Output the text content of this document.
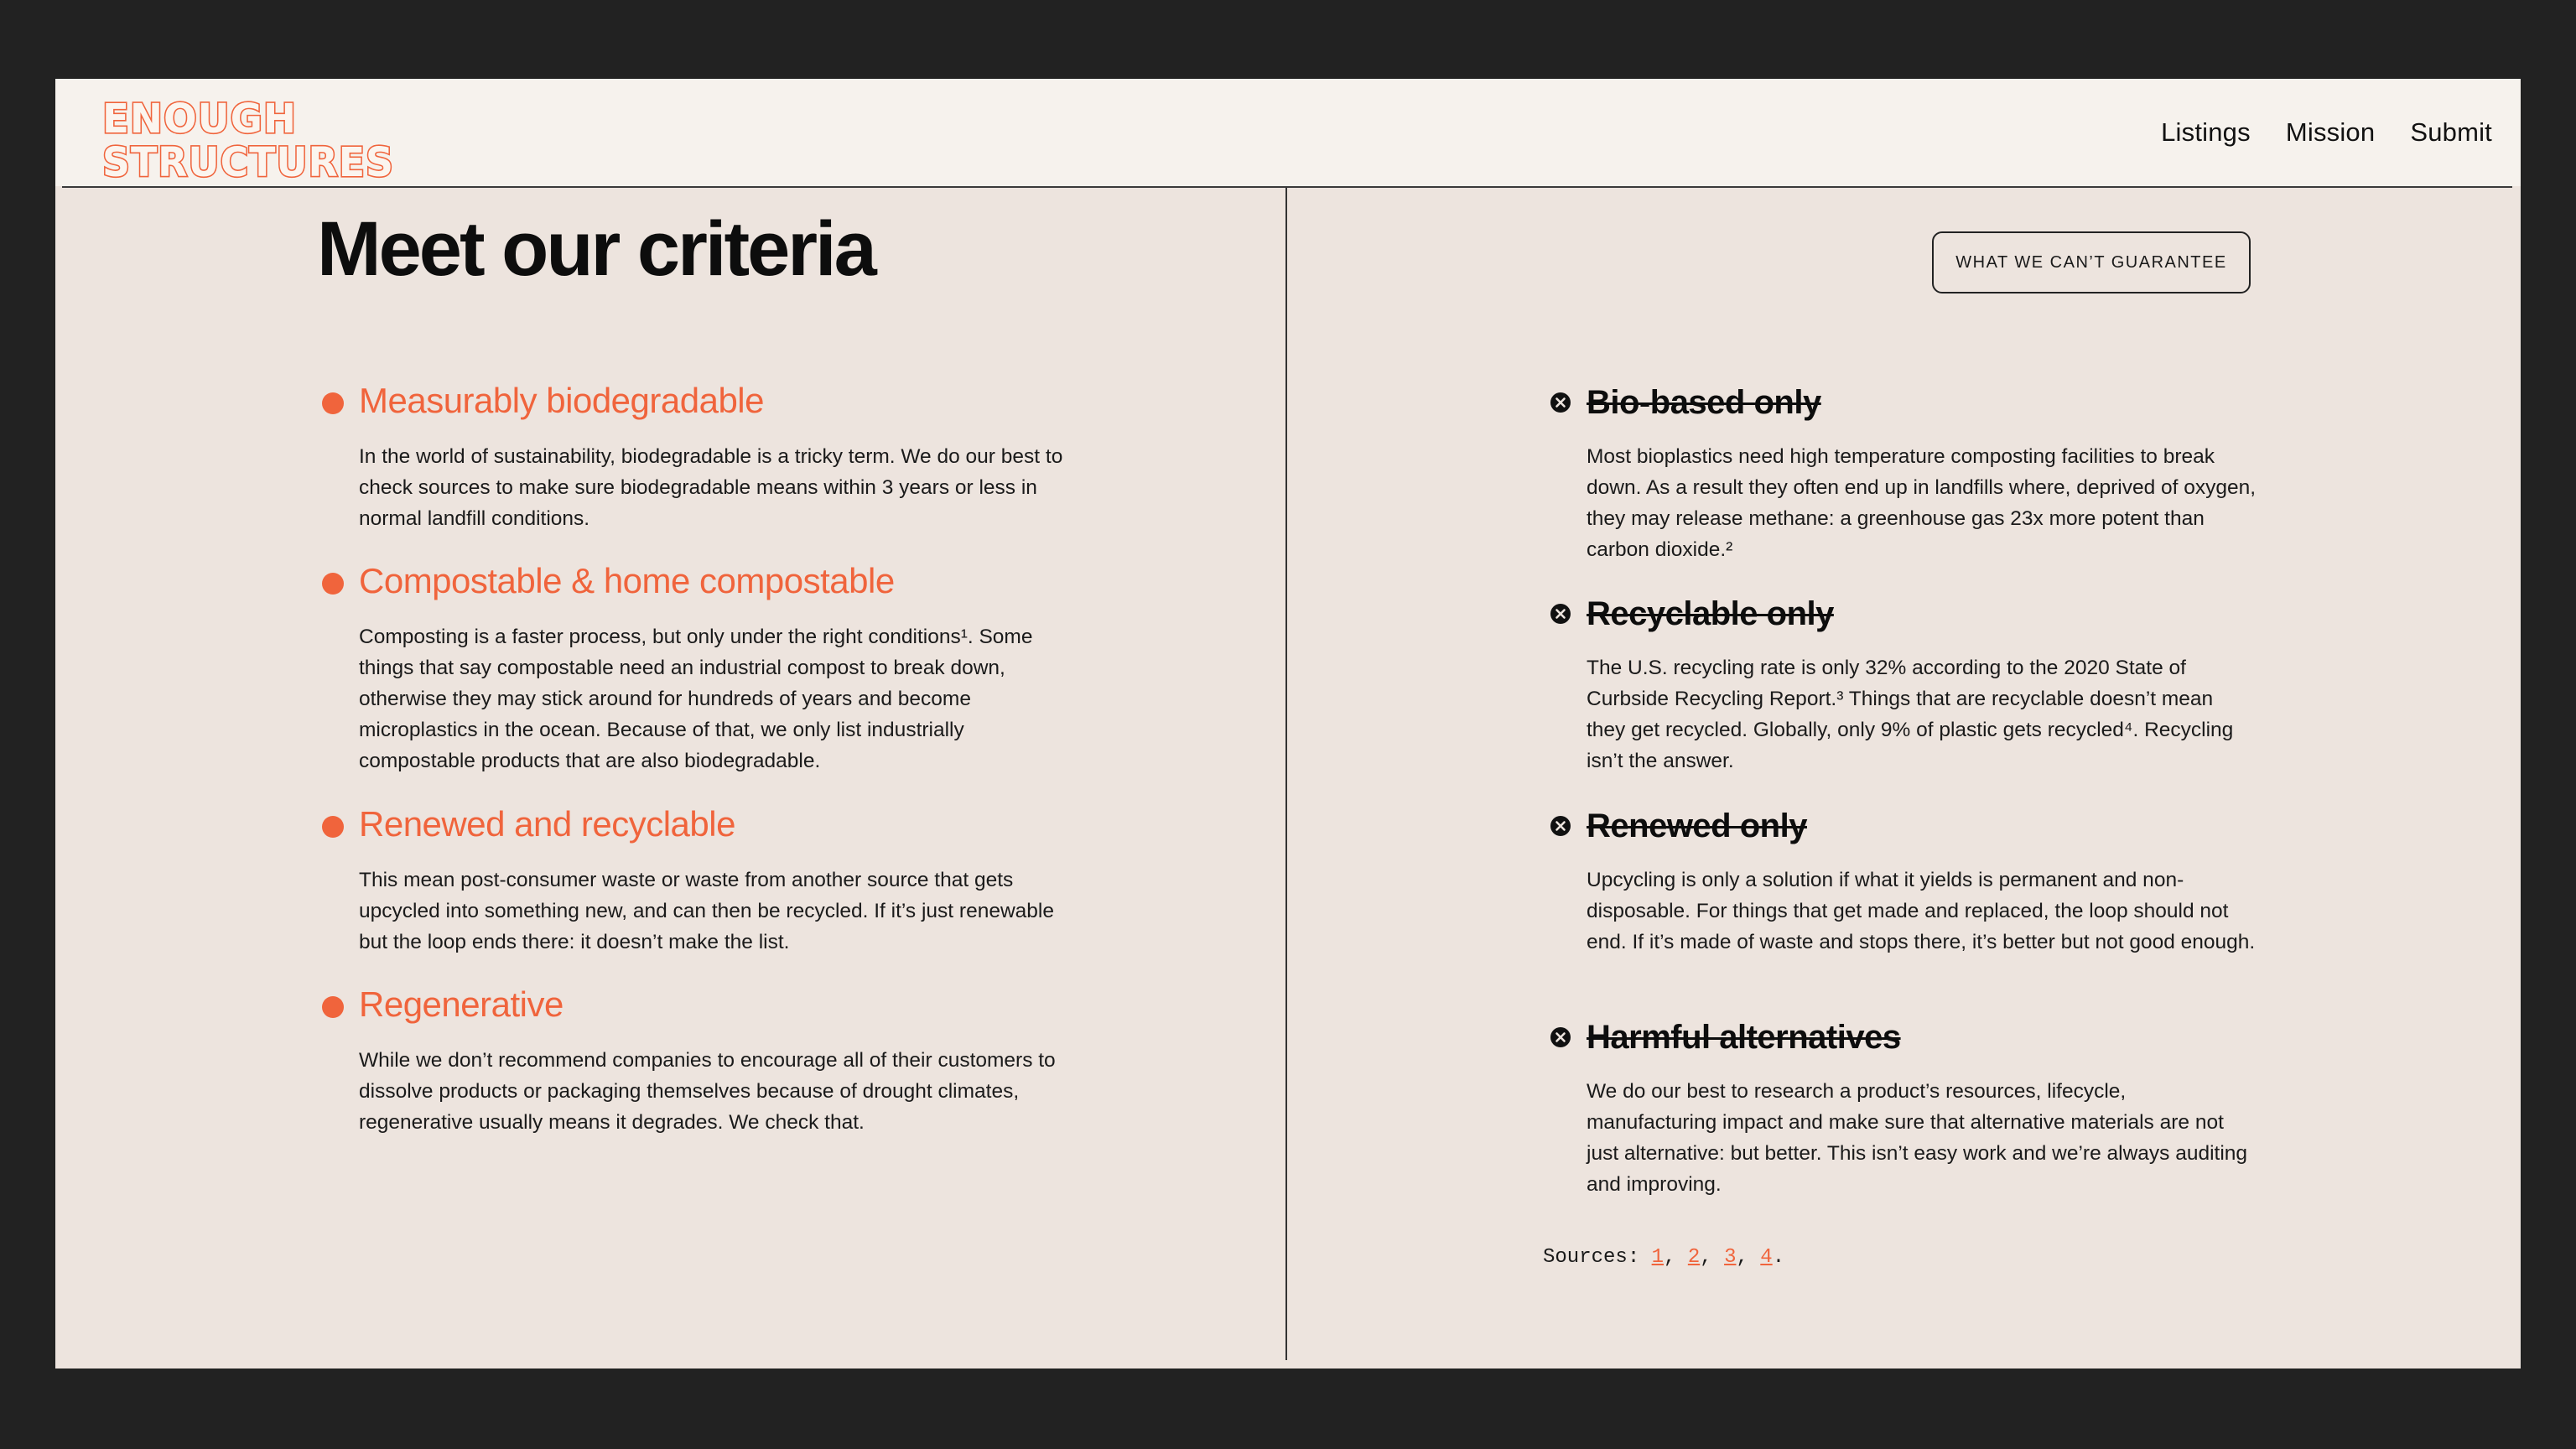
ENOUGH
STRUCTURES
Listings Mission Submit
Meet our criteria
Measurably biodegradable

In the world of sustainability, biodegradable is a tricky term. We do our best to check sources to make sure biodegradable means within 3 years or less in normal landfill conditions.

Compostable & home compostable

Composting is a faster process, but only under the right conditions¹. Some things that say compostable need an industrial compost to break down, otherwise they may stick around for hundreds of years and become microplastics in the ocean. Because of that, we only list industrially compostable products that are also biodegradable.

Renewed and recyclable

This mean post-consumer waste or waste from another source that gets upcycled into something new, and can then be recycled. If it’s just renewable but the loop ends there: it doesn’t make the list.

Regenerative

While we don’t recommend companies to encourage all of their customers to dissolve products or packaging themselves because of drought climates, regenerative usually means it degrades. We check that.

WHAT WE CAN’T GUARANTEE
Bio-based only

Most bioplastics need high temperature composting facilities to break down. As a result they often end up in landfills where, deprived of oxygen, they may release methane: a greenhouse gas 23x more potent than carbon dioxide.²

Recyclable only

The U.S. recycling rate is only 32% according to the 2020 State of Curbside Recycling Report.³ Things that are recyclable doesn’t mean they get recycled. Globally, only 9% of plastic gets recycled⁴. Recycling isn’t the answer.

Renewed only

Upcycling is only a solution if what it yields is permanent and non-disposable. For things that get made and replaced, the loop should not end. If it’s made of waste and stops there, it’s better but not good enough.

Harmful alternatives

We do our best to research a product’s resources, lifecycle, manufacturing impact and make sure that alternative materials are not just alternative: but better. This isn’t easy work and we’re always auditing and improving.

Sources: 1, 2, 3, 4.
